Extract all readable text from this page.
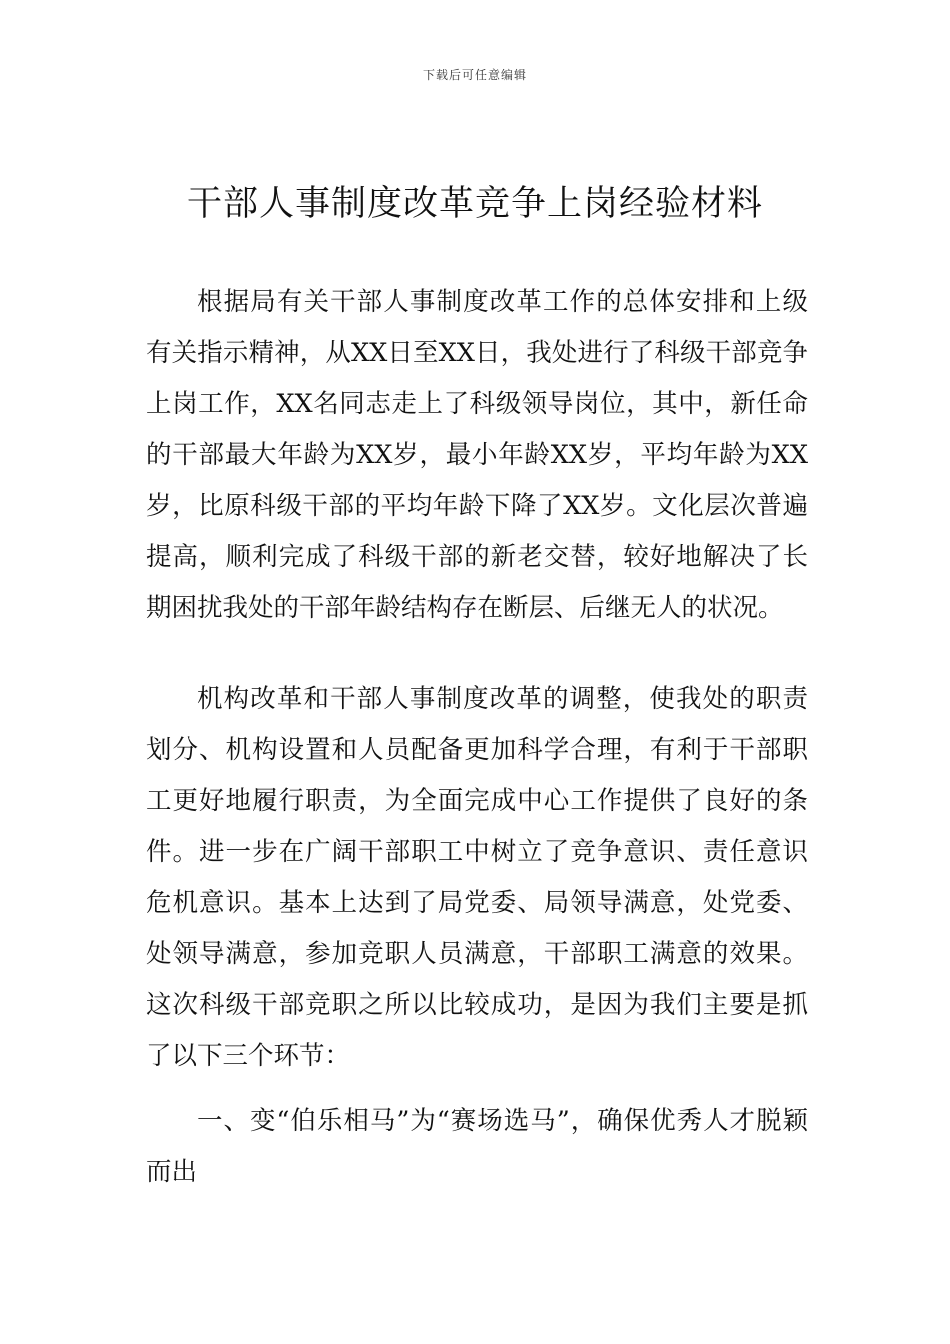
下载后可任意编辑
干部人事制度改革竞争上岗经验材料

根据局有关干部人事制度改革工作的总体安排和上级有关指示精神，从XX日至XX日，我处进行了科级干部竞争上岗工作，XX名同志走上了科级领导岗位，其中，新任命的干部最大年龄为XX岁，最小年龄XX岁，平均年龄为XX岁，比原科级干部的平均年龄下降了XX岁。文化层次普遍提高，顺利完成了科级干部的新老交替，较好地解决了长期困扰我处的干部年龄结构存在断层、后继无人的状况。

机构改革和干部人事制度改革的调整，使我处的职责划分、机构设置和人员配备更加科学合理，有利于干部职工更好地履行职责，为全面完成中心工作提供了良好的条件。进一步在广阔干部职工中树立了竞争意识、责任意识危机意识。基本上达到了局党委、局领导满意，处党委、处领导满意，参加竞职人员满意，干部职工满意的效果。这次科级干部竞职之所以比较成功，是因为我们主要是抓了以下三个环节：

一、变“伯乐相马”为“赛场选马”，确保优秀人才脱颖而出
